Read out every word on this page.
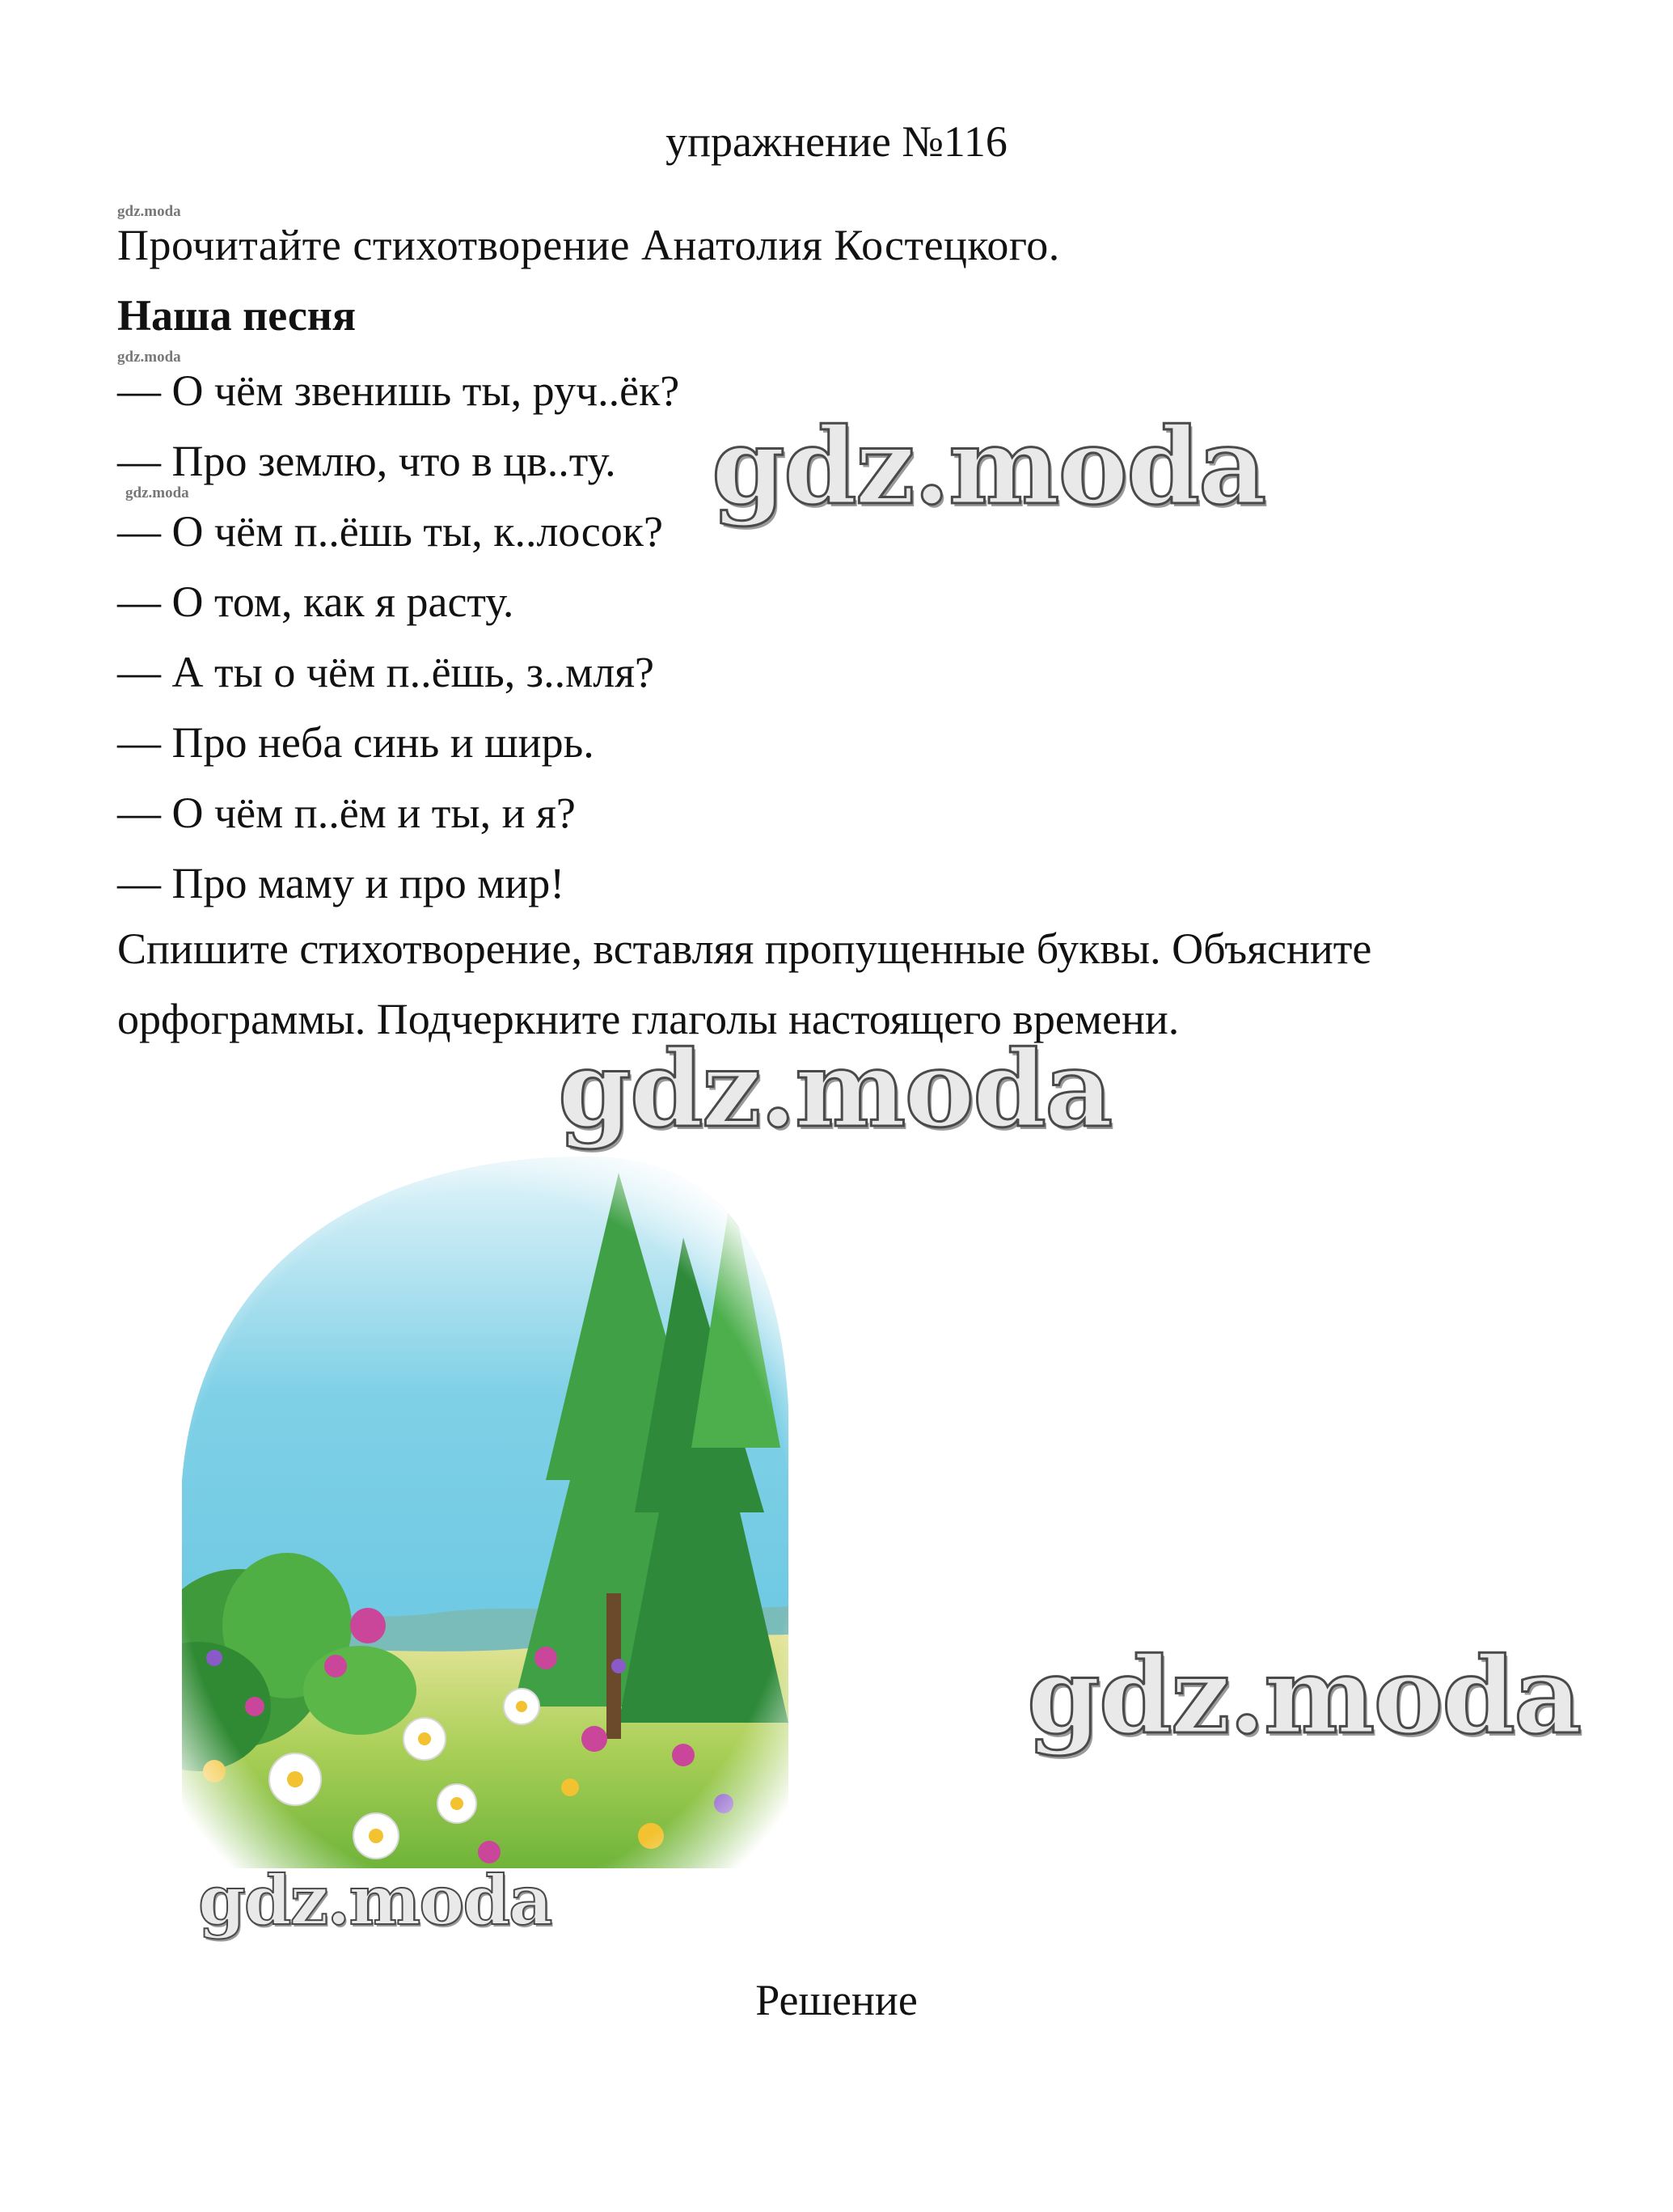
упражнение №116
gdz.moda
Прочитайте стихотворение Анатолия Костецкого.
Наша песня
gdz.moda
gdz.moda
— О чём звенишь ты, руч..ёк?
— Про землю, что в цв..ту.
— О чём п..ёшь ты, к..лосок?
— О том, как я расту.
— А ты о чём п..ёшь, з..мля?
— Про неба синь и ширь.
— О чём п..ём и ты, и я?
— Про маму и про мир!

Спишите стихотворение, вставляя пропущенные буквы. Объясните орфограммы. Подчеркните глаголы настоящего времени.

gdz.moda
gdz.moda
gdz.moda
gdz.moda
Решение
